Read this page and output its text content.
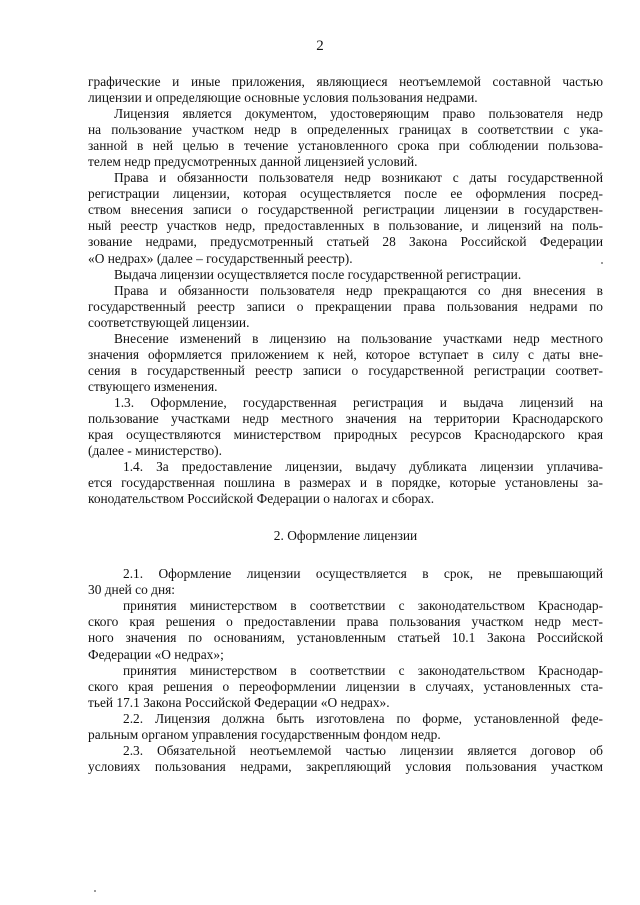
2
графические и иные приложения, являющиеся неотъемлемой составной частью
лицензии и определяющие основные условия пользования недрами.
Лицензия является документом, удостоверяющим право пользователя недр
на пользование участком недр в определенных границах в соответствии с ука-
занной в ней целью в течение установленного срока при соблюдении пользова-
телем недр предусмотренных данной лицензией условий.
Права и обязанности пользователя недр возникают с даты государственной
регистрации лицензии, которая осуществляется после ее оформления посред-
ством внесения записи о государственной регистрации лицензии в государствен-
ный реестр участков недр, предоставленных в пользование, и лицензий на поль-
зование недрами, предусмотренный статьей 28 Закона Российской Федерации
«О недрах» (далее – государственный реестр).
Выдача лицензии осуществляется после государственной регистрации.
Права и обязанности пользователя недр прекращаются со дня внесения в
государственный реестр записи о прекращении права пользования недрами по
соответствующей лицензии.
Внесение изменений в лицензию на пользование участками недр местного
значения оформляется приложением к ней, которое вступает в силу с даты вне-
сения в государственный реестр записи о государственной регистрации соответ-
ствующего изменения.
1.3. Оформление, государственная регистрация и выдача лицензий на
пользование участками недр местного значения на территории Краснодарского
края осуществляются министерством природных ресурсов Краснодарского края
(далее - министерство).
1.4. За предоставление лицензии, выдачу дубликата лицензии уплачива-
ется государственная пошлина в размерах и в порядке, которые установлены за-
конодательством Российской Федерации о налогах и сборах.
2. Оформление лицензии
2.1. Оформление лицензии осуществляется в срок, не превышающий
30 дней со дня:
принятия министерством в соответствии с законодательством Краснодар-
ского края решения о предоставлении права пользования участком недр мест-
ного значения по основаниям, установленным статьей 10.1 Закона Российской
Федерации «О недрах»;
принятия министерством в соответствии с законодательством Краснодар-
ского края решения о переоформлении лицензии в случаях, установленных ста-
тьей 17.1 Закона Российской Федерации «О недрах».
2.2. Лицензия должна быть изготовлена по форме, установленной феде-
ральным органом управления государственным фондом недр.
2.3. Обязательной неотъемлемой частью лицензии является договор об
условиях пользования недрами, закрепляющий условия пользования участком
